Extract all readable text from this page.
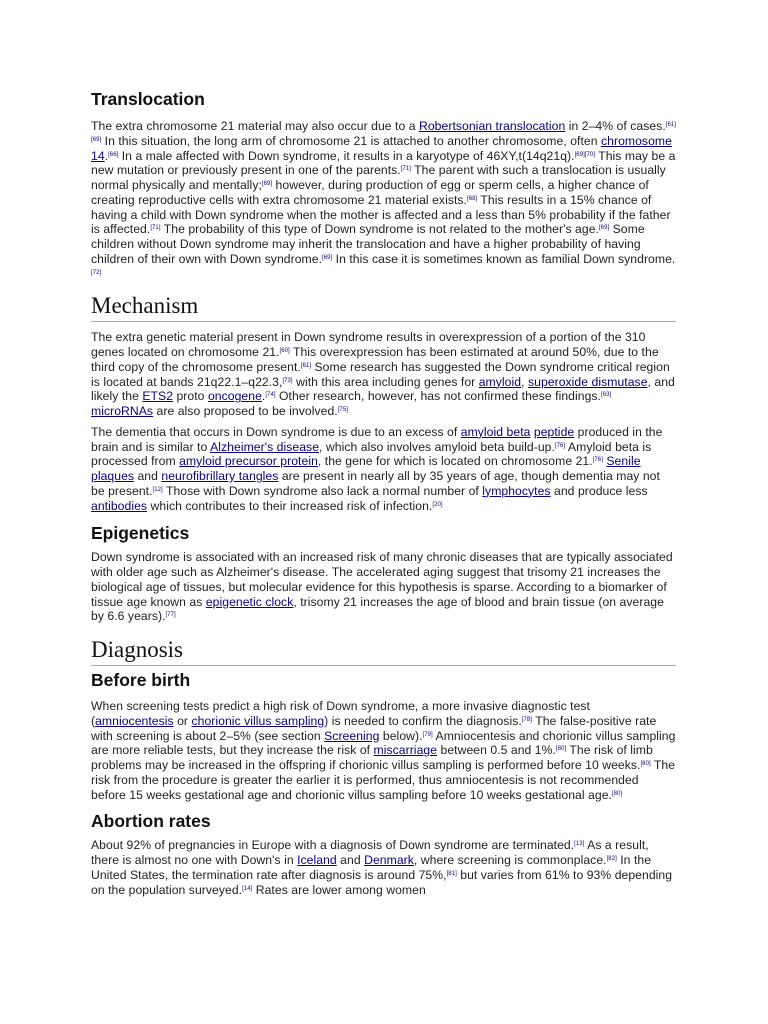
Translocation

The extra chromosome 21 material may also occur due to a Robertsonian translocation in 2–4% of cases.[61][69] In this situation, the long arm of chromosome 21 is attached to another chromosome, often chromosome 14.[66] In a male affected with Down syndrome, it results in a karyotype of 46XY,t(14q21q).[69][70] This may be a new mutation or previously present in one of the parents.[71] The parent with such a translocation is usually normal physically and mentally;[69] however, during production of egg or sperm cells, a higher chance of creating reproductive cells with extra chromosome 21 material exists.[68] This results in a 15% chance of having a child with Down syndrome when the mother is affected and a less than 5% probability if the father is affected.[71] The probability of this type of Down syndrome is not related to the mother's age.[69] Some children without Down syndrome may inherit the translocation and have a higher probability of having children of their own with Down syndrome.[69] In this case it is sometimes known as familial Down syndrome.[72]

Mechanism

The extra genetic material present in Down syndrome results in overexpression of a portion of the 310 genes located on chromosome 21.[60] This overexpression has been estimated at around 50%, due to the third copy of the chromosome present.[61] Some research has suggested the Down syndrome critical region is located at bands 21q22.1–q22.3,[73] with this area including genes for amyloid, superoxide dismutase, and likely the ETS2 proto oncogene.[74] Other research, however, has not confirmed these findings.[63] microRNAs are also proposed to be involved.[75]

The dementia that occurs in Down syndrome is due to an excess of amyloid beta peptide produced in the brain and is similar to Alzheimer's disease, which also involves amyloid beta build-up.[76] Amyloid beta is processed from amyloid precursor protein, the gene for which is located on chromosome 21.[76] Senile plaques and neurofibrillary tangles are present in nearly all by 35 years of age, though dementia may not be present.[12] Those with Down syndrome also lack a normal number of lymphocytes and produce less antibodies which contributes to their increased risk of infection.[20]

Epigenetics

Down syndrome is associated with an increased risk of many chronic diseases that are typically associated with older age such as Alzheimer's disease. The accelerated aging suggest that trisomy 21 increases the biological age of tissues, but molecular evidence for this hypothesis is sparse. According to a biomarker of tissue age known as epigenetic clock, trisomy 21 increases the age of blood and brain tissue (on average by 6.6 years).[77]

Diagnosis
Before birth

When screening tests predict a high risk of Down syndrome, a more invasive diagnostic test (amniocentesis or chorionic villus sampling) is needed to confirm the diagnosis.[78] The false-positive rate with screening is about 2–5% (see section Screening below).[79] Amniocentesis and chorionic villus sampling are more reliable tests, but they increase the risk of miscarriage between 0.5 and 1%.[80] The risk of limb problems may be increased in the offspring if chorionic villus sampling is performed before 10 weeks.[80] The risk from the procedure is greater the earlier it is performed, thus amniocentesis is not recommended before 15 weeks gestational age and chorionic villus sampling before 10 weeks gestational age.[80]

Abortion rates

About 92% of pregnancies in Europe with a diagnosis of Down syndrome are terminated.[13] As a result, there is almost no one with Down's in Iceland and Denmark, where screening is commonplace.[82] In the United States, the termination rate after diagnosis is around 75%,[81] but varies from 61% to 93% depending on the population surveyed.[14] Rates are lower among women
